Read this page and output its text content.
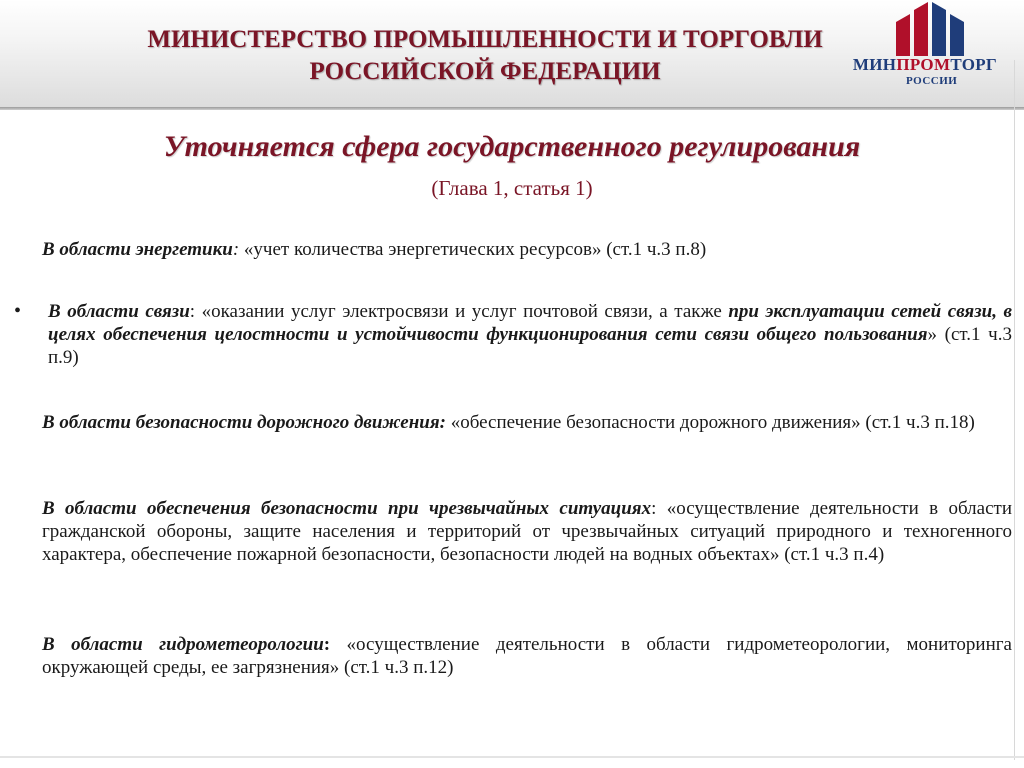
МИНИСТЕРСТВО ПРОМЫШЛЕННОСТИ И ТОРГОВЛИ
РОССИЙСКОЙ ФЕДЕРАЦИИ	МИНПРОМТОРГ
РОССИИ
Уточняется сфера государственного регулирования
(Глава 1, статья 1)
В области энергетики: «учет количества энергетических ресурсов» (ст.1 ч.3 п.8)
• В области связи: «оказании услуг электросвязи и услуг почтовой связи, а также при эксплуатации сетей связи, в целях обеспечения целостности и устойчивости функционирования сети связи общего пользования» (ст.1 ч.3 п.9)
В области безопасности дорожного движения: «обеспечение безопасности дорожного движения» (ст.1 ч.3 п.18)
В области обеспечения безопасности при чрезвычайных ситуациях: «осуществление деятельности в области гражданской обороны, защите населения и территорий от чрезвычайных ситуаций природного и техногенного характера, обеспечение пожарной безопасности, безопасности людей на водных объектах» (ст.1 ч.3 п.4)
В области гидрометеорологии: «осуществление деятельности в области гидрометеорологии, мониторинга окружающей среды, ее загрязнения» (ст.1 ч.3 п.12)
